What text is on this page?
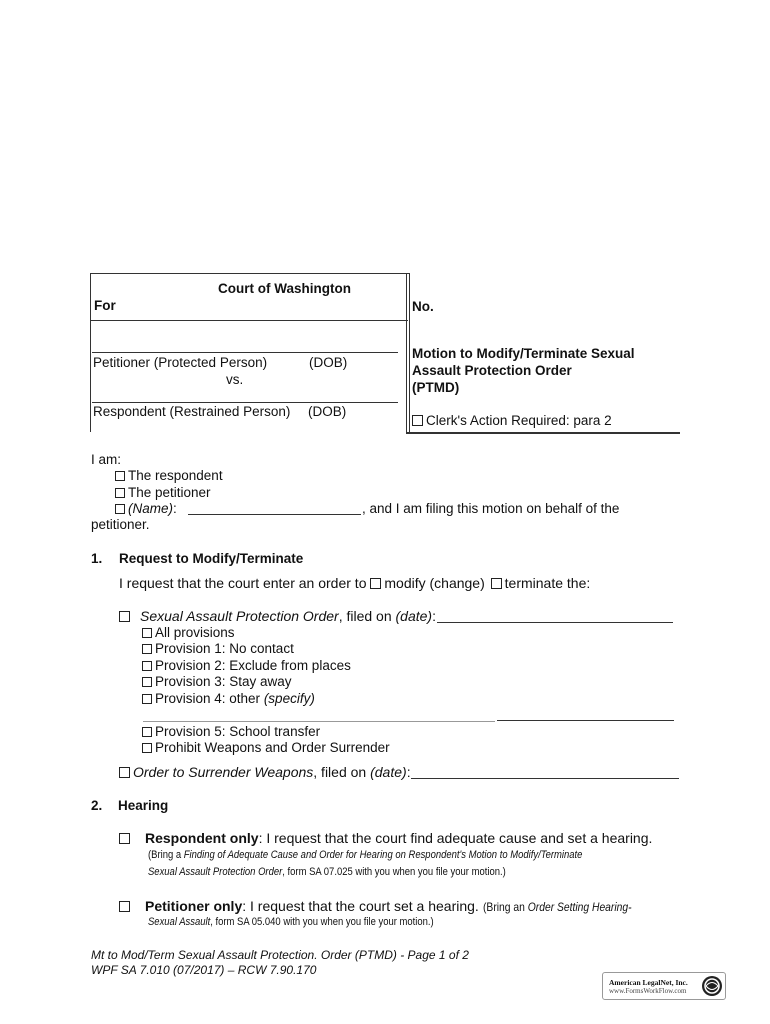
Court of Washington
For	No.
Petitioner (Protected Person)	(DOB)
vs.
Respondent (Restrained Person) (DOB)
Motion to Modify/Terminate Sexual
Assault Protection Order
(PTMD)
Clerk's Action Required: para 2
I am:
The respondent
The petitioner
(Name):	, and I am filing this motion on behalf of the
petitioner.
1. Request to Modify/Terminate
I request that the court enter an order to modify (change) terminate the:
Sexual Assault Protection Order, filed on (date):
All provisions
Provision 1: No contact
Provision 2: Exclude from places
Provision 3: Stay away
Provision 4: other (specify)
Provision 5: School transfer
Prohibit Weapons and Order Surrender
Order to Surrender Weapons, filed on (date):
2. Hearing
Respondent only: I request that the court find adequate cause and set a hearing.
(Bring a Finding of Adequate Cause and Order for Hearing on Respondent's Motion to Modify/Terminate
Sexual Assault Protection Order, form SA 07.025 with you when you file your motion.)
Petitioner only: I request that the court set a hearing. (Bring an Order Setting Hearing-
Sexual Assault, form SA 05.040 with you when you file your motion.)
Mt to Mod/Term Sexual Assault Protection. Order (PTMD) - Page 1 of 2
WPF SA 7.010 (07/2017) – RCW 7.90.170
American LegalNet, Inc.
www.FormsWorkFlow.com
